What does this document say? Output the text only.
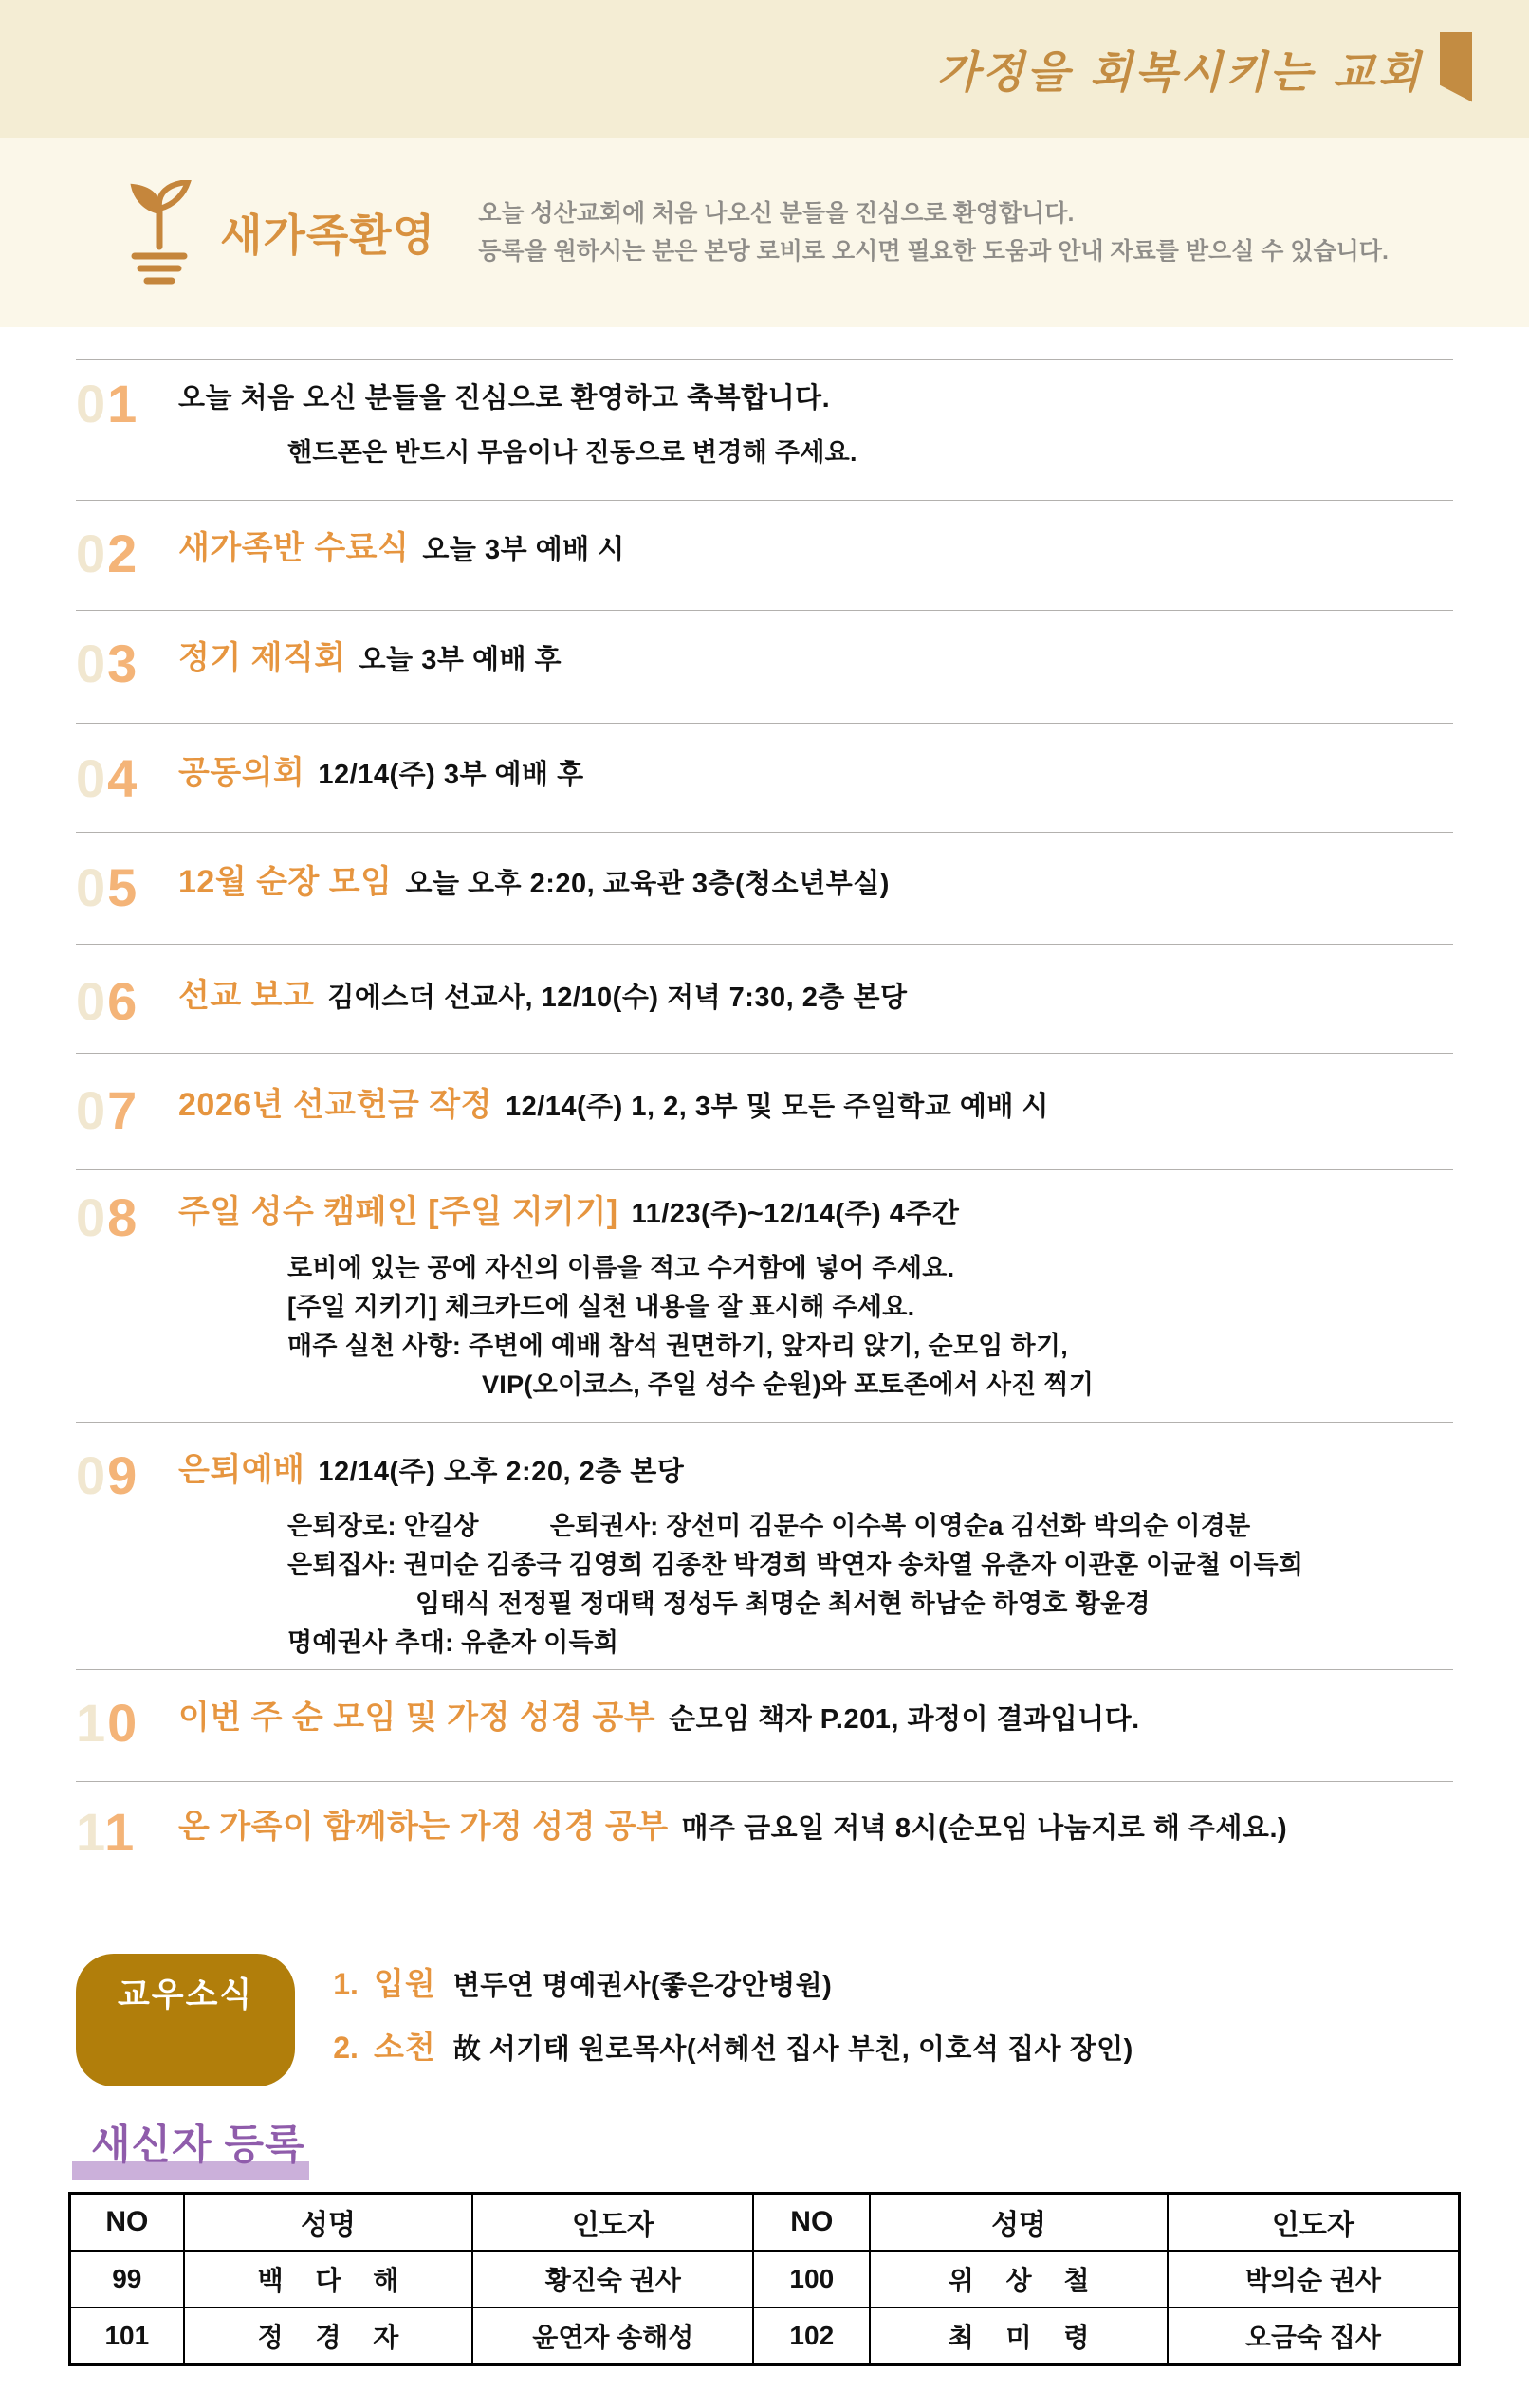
가정을 회복시키는 교회
새가족환영 오늘 성산교회에 처음 나오신 분들을 진심으로 환영합니다.
등록을 원하시는 분은 본당 로비로 오시면 필요한 도움과 안내 자료를 받으실 수 있습니다.
01	오늘 처음 오신 분들을 진심으로 환영하고 축복합니다.
핸드폰은 반드시 무음이나 진동으로 변경해 주세요.
02	새가족반 수료식 오늘 3부 예배 시
03	정기 제직회 오늘 3부 예배 후
04	공동의회 12/14(주) 3부 예배 후
05	12월 순장 모임 오늘 오후 2:20, 교육관 3층(청소년부실)
06	선교 보고 김에스더 선교사, 12/10(수) 저녁 7:30, 2층 본당
07	2026년 선교헌금 작정 12/14(주) 1, 2, 3부 및 모든 주일학교 예배 시
08	주일 성수 캠페인 [주일 지키기] 11/23(주)~12/14(주) 4주간
로비에 있는 공에 자신의 이름을 적고 수거함에 넣어 주세요.
[주일 지키기] 체크카드에 실천 내용을 잘 표시해 주세요.
매주 실천 사항: 주변에 예배 참석 권면하기, 앞자리 앉기, 순모임 하기,
VIP(오이코스, 주일 성수 순원)와 포토존에서 사진 찍기
09	은퇴예배 12/14(주) 오후 2:20, 2층 본당
은퇴장로: 안길상	은퇴권사: 장선미 김문수 이수복 이영순a 김선화 박의순 이경분
은퇴집사: 권미순 김종극 김영희 김종찬 박경희 박연자 송차열 유춘자 이관훈 이균철 이득희
임태식 전정필 정대택 정성두 최명순 최서현 하남순 하영호 황윤경
명예권사 추대: 유춘자 이득희
10	이번 주 순 모임 및 가정 성경 공부 순모임 책자 P.201, 과정이 결과입니다.
11	온 가족이 함께하는 가정 성경 공부 매주 금요일 저녁 8시(순모임 나눔지로 해 주세요.)
교우소식	1. 입원 변두연 명예권사(좋은강안병원)
2. 소천 故 서기태 원로목사(서혜선 집사 부친, 이호석 집사 장인)
새신자 등록
NO	성명	인도자	NO	성명	인도자
99	백 다 해	황진숙 권사	100	위 상 철	박의순 권사
101	정 경 자	윤연자 송해성	102	최 미 령	오금숙 집사
